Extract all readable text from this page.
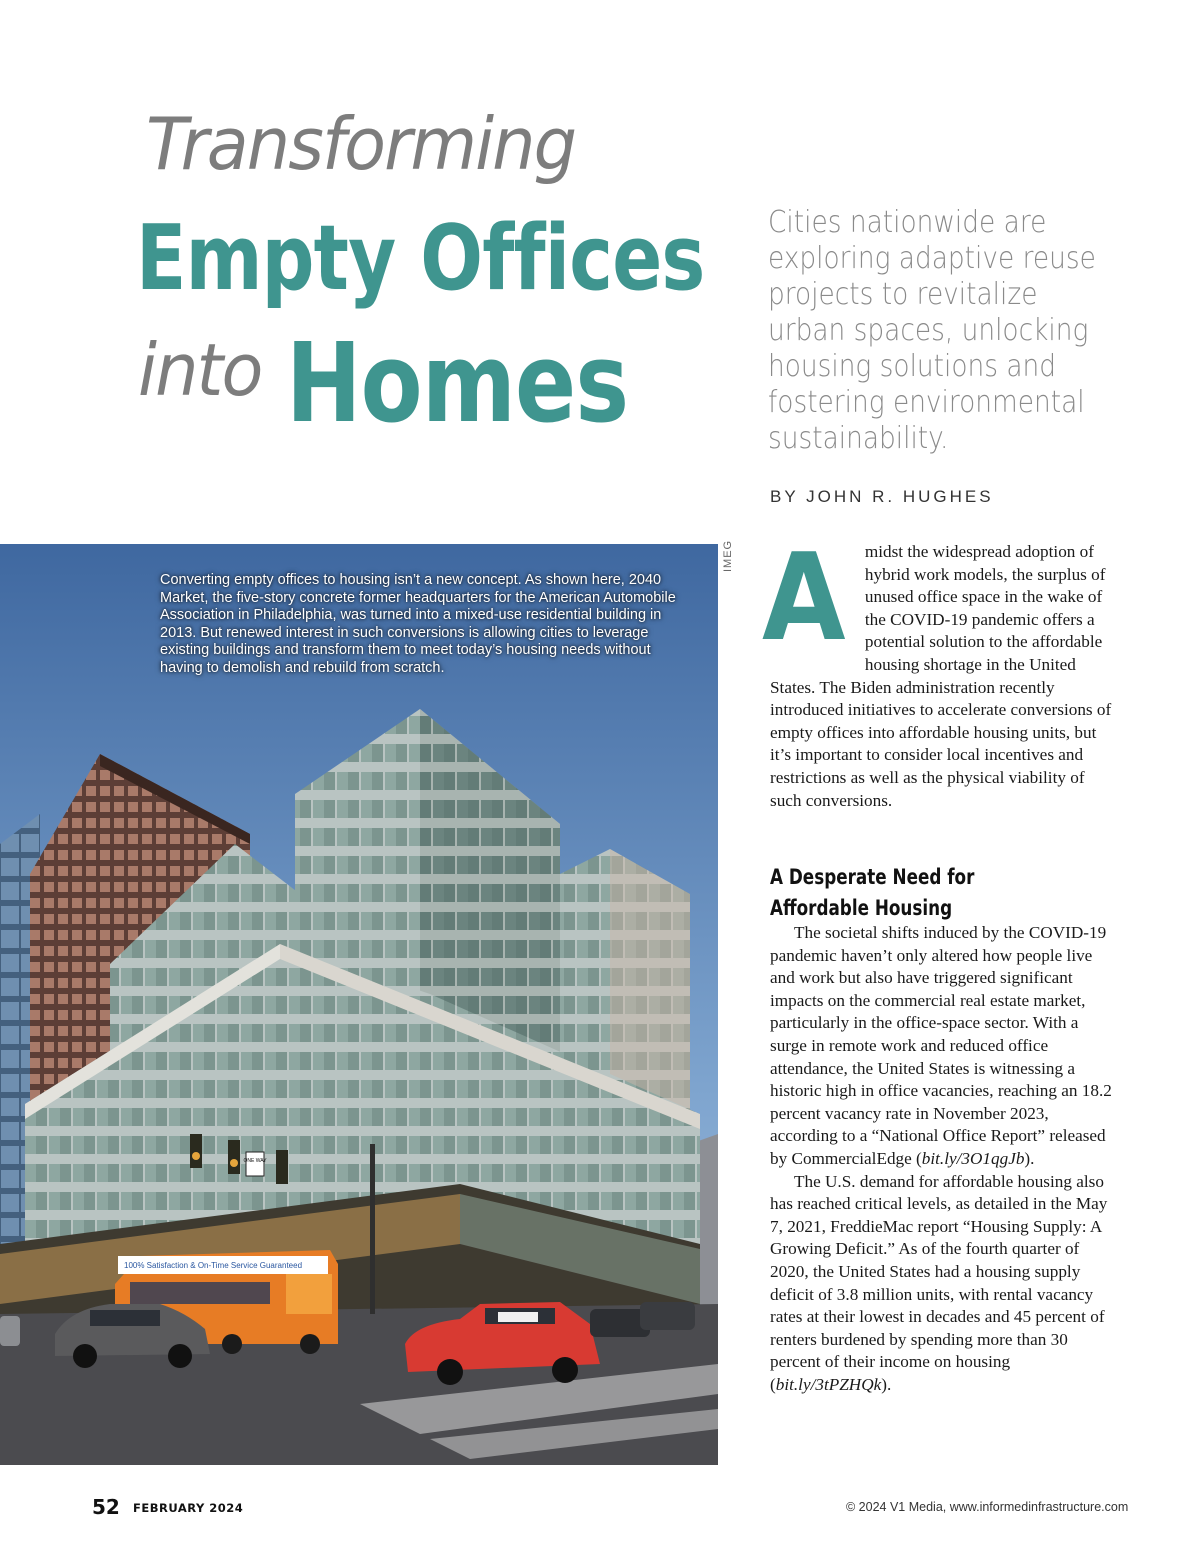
Transforming
Empty Offices
into Homes
Cities nationwide are exploring adaptive reuse projects to revitalize urban spaces, unlocking housing solutions and fostering environmental sustainability.
BY JOHN R. HUGHES
ONE WAY
100% Satisfaction & On-Time Service Guaranteed
Converting empty offices to housing isn’t a new concept. As shown here, 2040 Market, the five-story concrete former headquarters for the American Automobile Association in Philadelphia, was turned into a mixed-use residential building in 2013. But renewed interest in such conversions is allowing cities to leverage existing buildings and transform them to meet today’s housing needs without having to demolish and rebuild from scratch.
IMEG A midst the widespread adoption of hybrid work models, the surplus of unused office space in the wake of the COVID-19 pandemic offers a potential solution to the affordable housing shortage in the United States. The Biden administration recently introduced initiatives to accelerate conversions of empty offices into affordable housing units, but it’s important to consider local incentives and restrictions as well as the physical viability of such conversions.

A Desperate Need for
Affordable Housing

The societal shifts induced by the COVID-19 pandemic haven’t only altered how people live and work but also have triggered significant impacts on the commercial real estate market, particularly in the office-space sector. With a surge in remote work and reduced office attendance, the United States is witnessing a historic high in office vacancies, reaching an 18.2 percent vacancy rate in November 2023, according to a “National Office Report” released by CommercialEdge (bit.ly/3O1qgJb).

The U.S. demand for affordable housing also has reached critical levels, as detailed in the May 7, 2021, FreddieMac report “Housing Supply: A Growing Deficit.” As of the fourth quarter of 2020, the United States had a housing supply deficit of 3.8 million units, with rental vacancy rates at their lowest in decades and 45 percent of renters burdened by spending more than 30 percent of their income on housing (bit.ly/3tPZHQk).

52 FEBRUARY 2024	© 2024 V1 Media, www.informedinfrastructure.com
